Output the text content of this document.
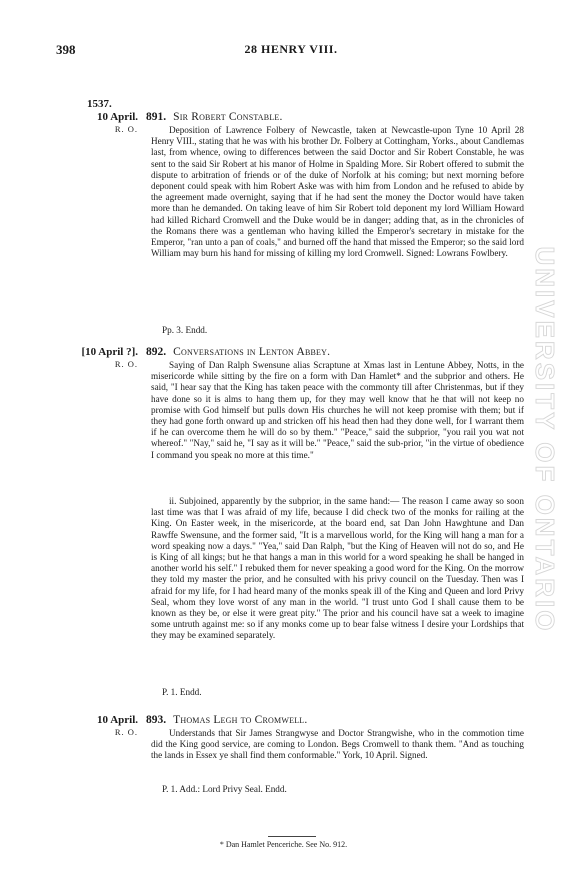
398	28 HENRY VIII.
1537.
10 April.
R. O.
891. Sir Robert Constable.

Deposition of Lawrence Folbery of Newcastle, taken at Newcastle-upon Tyne 10 April 28 Henry VIII., stating that he was with his brother Dr. Folbery at Cottingham, Yorks., about Candlemas last, from whence, owing to differences between the said Doctor and Sir Robert Constable, he was sent to the said Sir Robert at his manor of Holme in Spalding More. Sir Robert offered to submit the dispute to arbitration of friends or of the duke of Norfolk at his coming; but next morning before deponent could speak with him Robert Aske was with him from London and he refused to abide by the agreement made overnight, saying that if he had sent the money the Doctor would have taken more than he demanded. On taking leave of him Sir Robert told deponent my lord William Howard had killed Richard Cromwell and the Duke would be in danger; adding that, as in the chronicles of the Romans there was a gentleman who having killed the Emperor's secretary in mistake for the Emperor, "ran unto a pan of coals," and burned off the hand that missed the Emperor; so the said lord William may burn his hand for missing of killing my lord Cromwell. Signed: Lowrans Fowlbery.

Pp. 3. Endd.
[10 April ?].
R. O.
892. Conversations in Lenton Abbey.

Saying of Dan Ralph Swensune alias Scraptune at Xmas last in Lentune Abbey, Notts, in the misericorde while sitting by the fire on a form with Dan Hamlet* and the subprior and others. He said, "I hear say that the King has taken peace with the commonty till after Christenmas, but if they have done so it is alms to hang them up, for they may well know that he that will not keep no promise with God himself but pulls down His churches he will not keep promise with them; but if they had gone forth onward up and stricken off his head then had they done well, for I warrant them if he can overcome them he will do so by them." "Peace," said the subprior, "you rail you wat not whereof." "Nay," said he, "I say as it will be." "Peace," said the sub-prior, "in the virtue of obedience I command you speak no more at this time."

ii. Subjoined, apparently by the subprior, in the same hand:— The reason I came away so soon last time was that I was afraid of my life, because I did check two of the monks for railing at the King. On Easter week, in the misericorde, at the board end, sat Dan John Hawghtune and Dan Rawffe Swensune, and the former said, "It is a marvellous world, for the King will hang a man for a word speaking now a days." "Yea," said Dan Ralph, "but the King of Heaven will not do so, and He is King of all kings; but he that hangs a man in this world for a word speaking he shall be hanged in another world his self." I rebuked them for never speaking a good word for the King. On the morrow they told my master the prior, and he consulted with his privy council on the Tuesday. Then was I afraid for my life, for I had heard many of the monks speak ill of the King and Queen and lord Privy Seal, whom they love worst of any man in the world. "I trust unto God I shall cause them to be known as they be, or else it were great pity." The prior and his council have sat a week to imagine some untruth against me: so if any monks come up to bear false witness I desire your Lordships that they may be examined separately.

P. 1. Endd.
10 April.
R. O.
893. Thomas Legh to Cromwell.

Understands that Sir James Strangwyse and Doctor Strangwishe, who in the commotion time did the King good service, are coming to London. Begs Cromwell to thank them. "And as touching the lands in Essex ye shall find them conformable." York, 10 April. Signed.

P. 1. Add.: Lord Privy Seal. Endd.
* Dan Hamlet Penceriche. See No. 912.
UNIVERSITY OF ONTARIO
